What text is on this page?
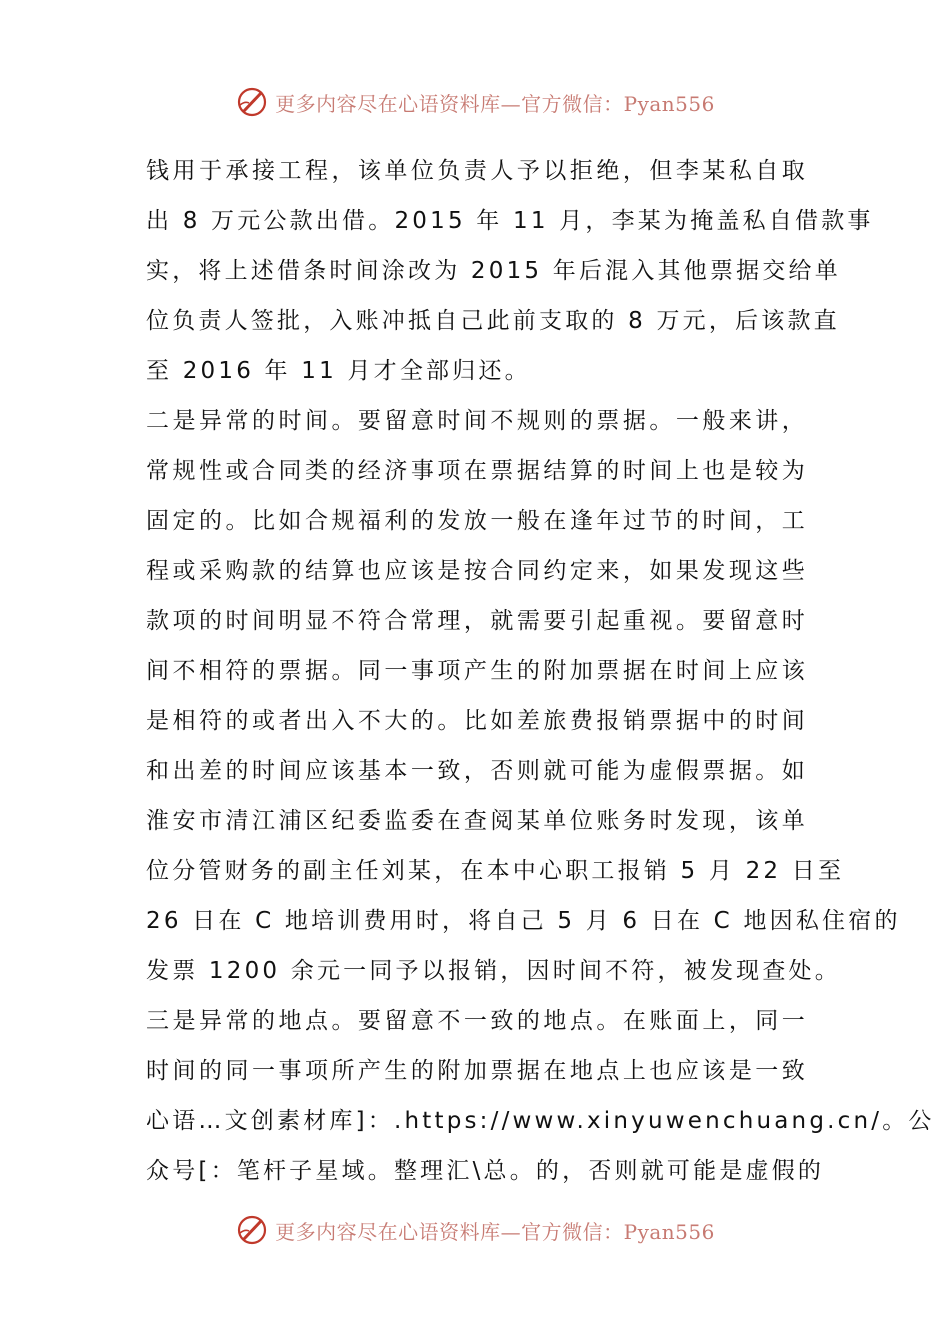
更多内容尽在心语资料库—官方微信：Pyan556
钱用于承接工程，该单位负责人予以拒绝，但李某私自取
出 8 万元公款出借。2015 年 11 月，李某为掩盖私自借款事
实，将上述借条时间涂改为 2015 年后混入其他票据交给单
位负责人签批，入账冲抵自己此前支取的 8 万元，后该款直
至 2016 年 11 月才全部归还。
二是异常的时间。要留意时间不规则的票据。一般来讲，
常规性或合同类的经济事项在票据结算的时间上也是较为
固定的。比如合规福利的发放一般在逢年过节的时间，工
程或采购款的结算也应该是按合同约定来，如果发现这些
款项的时间明显不符合常理，就需要引起重视。要留意时
间不相符的票据。同一事项产生的附加票据在时间上应该
是相符的或者出入不大的。比如差旅费报销票据中的时间
和出差的时间应该基本一致，否则就可能为虚假票据。如
淮安市清江浦区纪委监委在查阅某单位账务时发现，该单
位分管财务的副主任刘某，在本中心职工报销 5 月 22 日至
26 日在 C 地培训费用时，将自己 5 月 6 日在 C 地因私住宿的
发票 1200 余元一同予以报销，因时间不符，被发现查处。
三是异常的地点。要留意不一致的地点。在账面上，同一
时间的同一事项所产生的附加票据在地点上也应该是一致
心语…文创素材库]：.https://www.xinyuwenchuang.cn/。公
众号[：笔杆子星域。整理汇\总。的，否则就可能是虚假的
更多内容尽在心语资料库—官方微信：Pyan556
